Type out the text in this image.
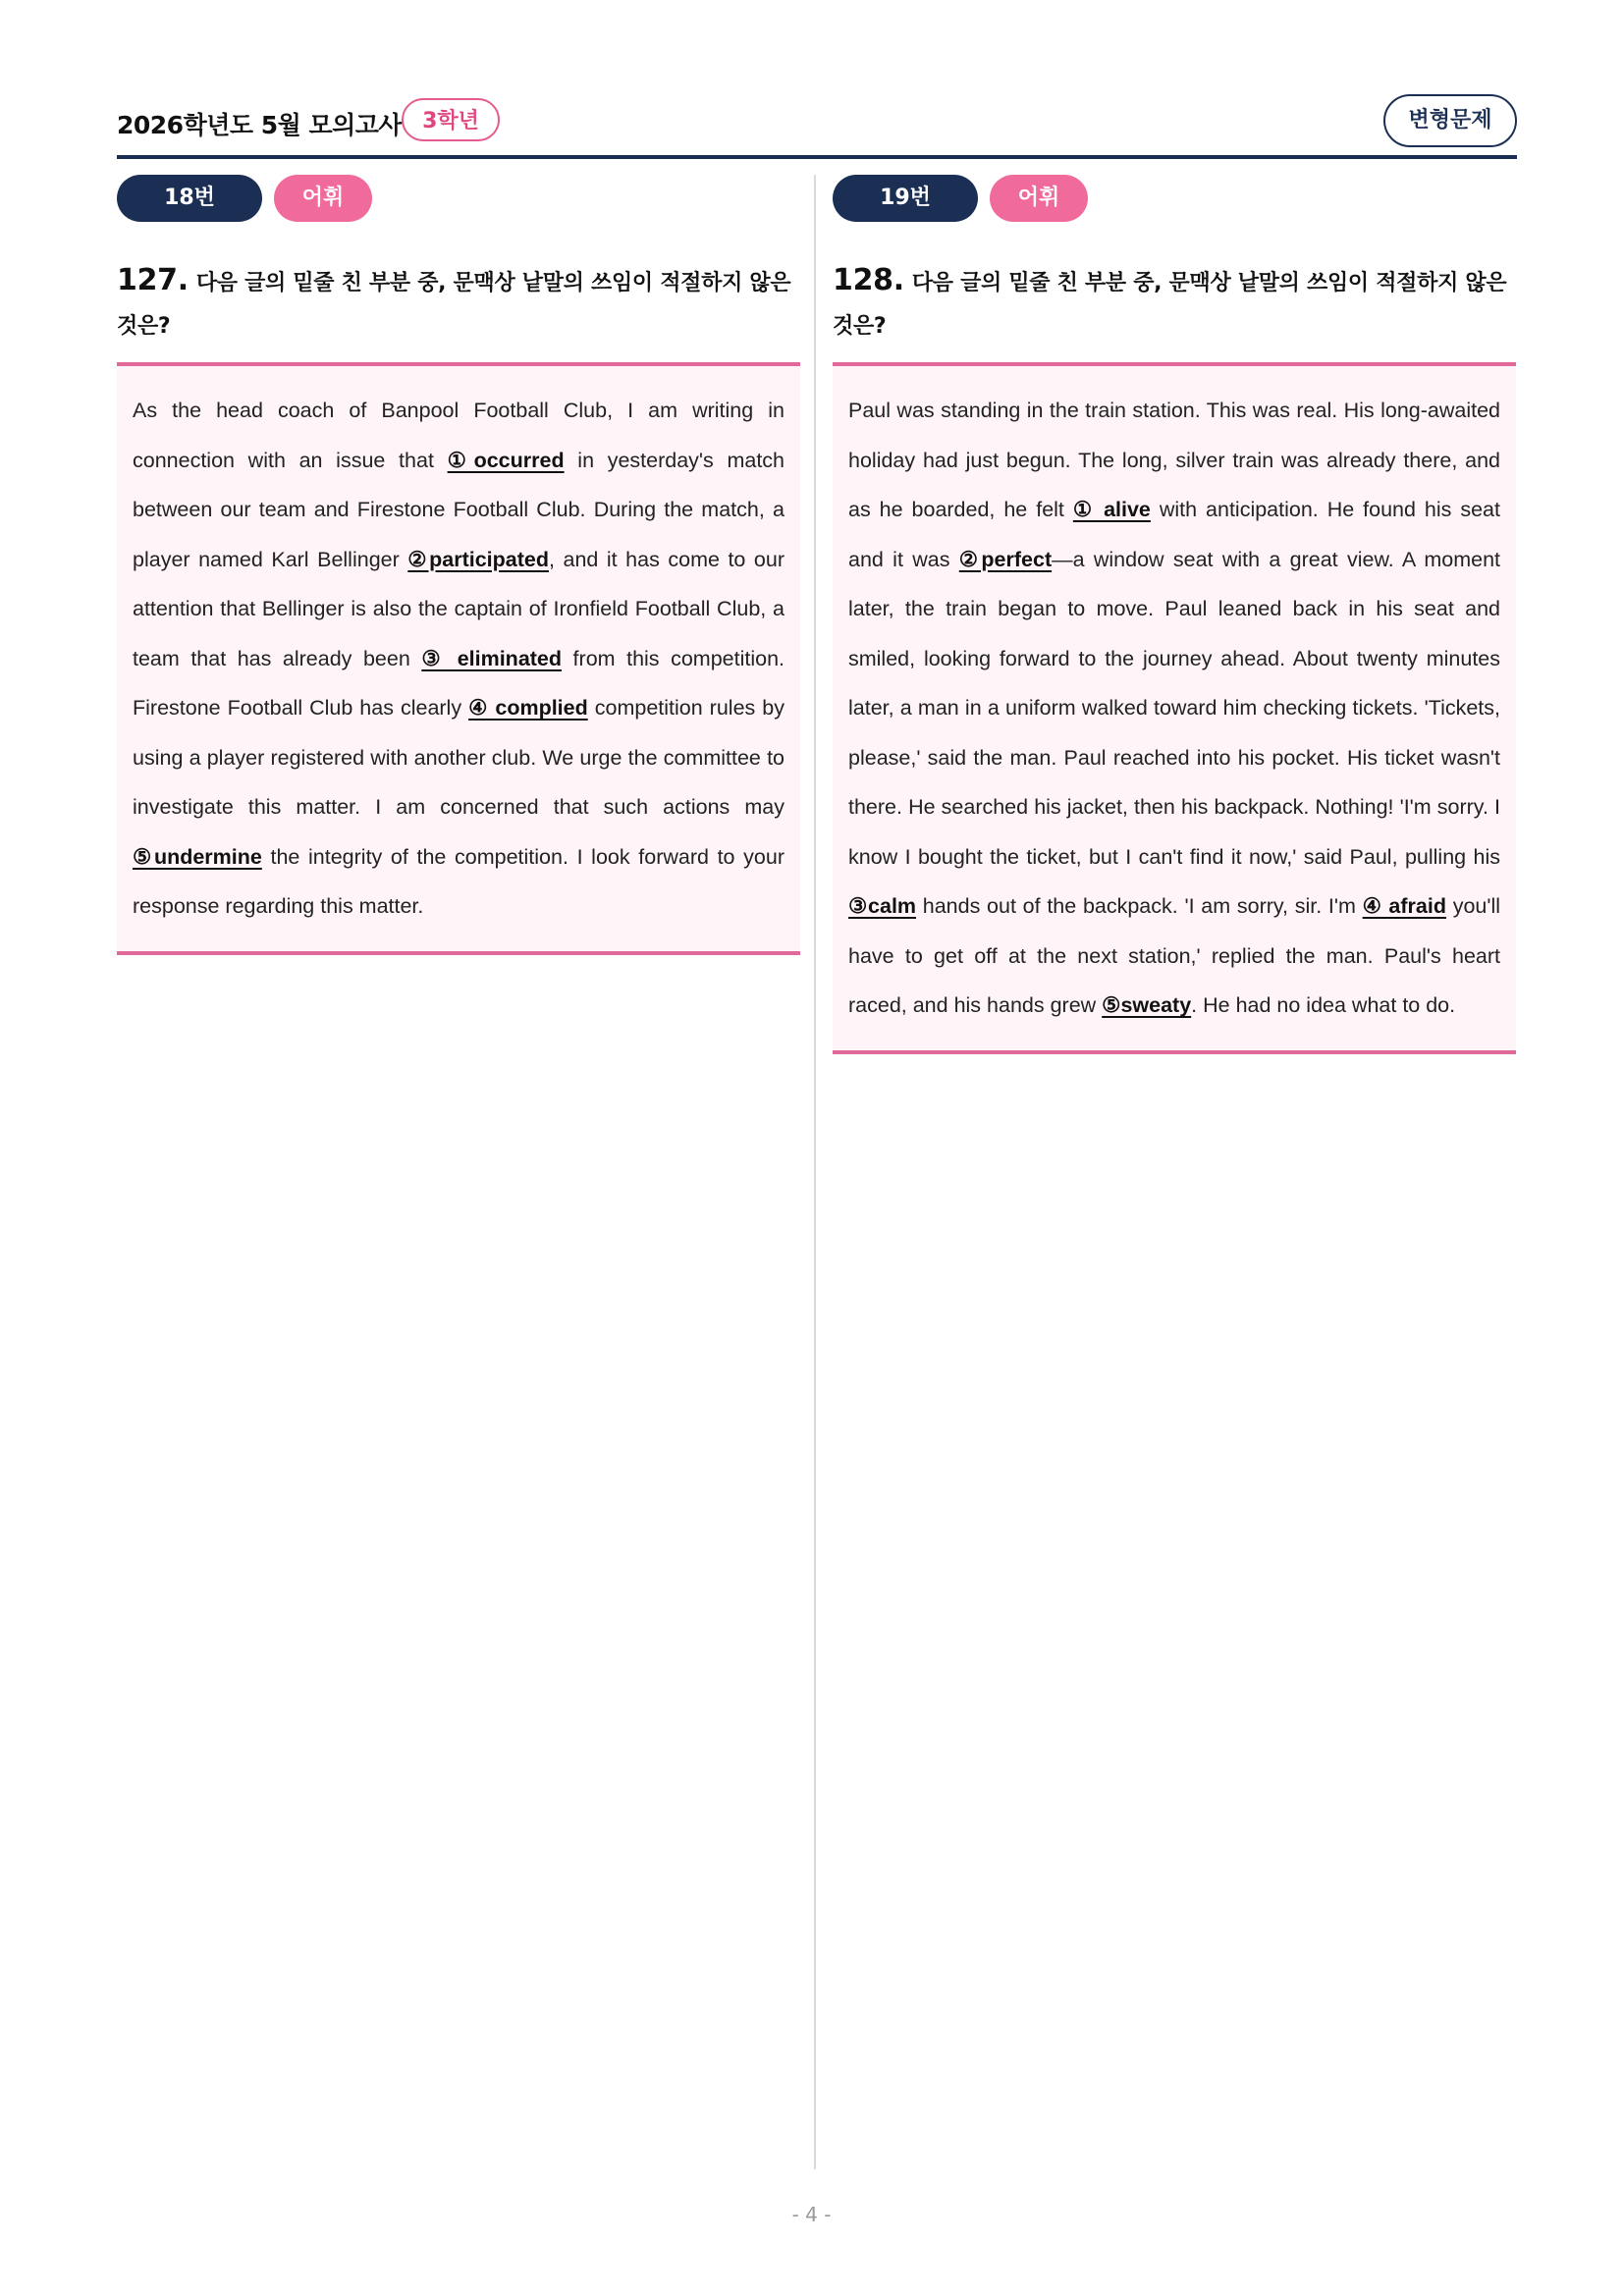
2026학년도 5월 모의고사 3학년	변형문제
18번	어휘
127. 다음 글의 밑줄 친 부분 중, 문맥상 낱말의 쓰임이 적절하지 않은 것은?

As the head coach of Banpool Football Club, I am writing in connection with an issue that ①occurred in yesterday's match between our team and Firestone Football Club. During the match, a player named Karl Bellinger ②participated, and it has come to our attention that Bellinger is also the captain of Ironfield Football Club, a team that has already been ③ eliminated from this competition. Firestone Football Club has clearly ④ complied competition rules by using a player registered with another club. We urge the committee to investigate this matter. I am concerned that such actions may ⑤undermine the integrity of the competition. I look forward to your response regarding this matter.

19번	어휘
128. 다음 글의 밑줄 친 부분 중, 문맥상 낱말의 쓰임이 적절하지 않은 것은?

Paul was standing in the train station. This was real. His long-awaited holiday had just begun. The long, silver train was already there, and as he boarded, he felt ① alive with anticipation. He found his seat and it was ②perfect—a window seat with a great view. A moment later, the train began to move. Paul leaned back in his seat and smiled, looking forward to the journey ahead. About twenty minutes later, a man in a uniform walked toward him checking tickets. 'Tickets, please,' said the man. Paul reached into his pocket. His ticket wasn't there. He searched his jacket, then his backpack. Nothing! 'I'm sorry. I know I bought the ticket, but I can't find it now,' said Paul, pulling his ③calm hands out of the backpack. 'I am sorry, sir. I'm ④ afraid you'll have to get off at the next station,' replied the man. Paul's heart raced, and his hands grew ⑤sweaty. He had no idea what to do.

- 4 -
